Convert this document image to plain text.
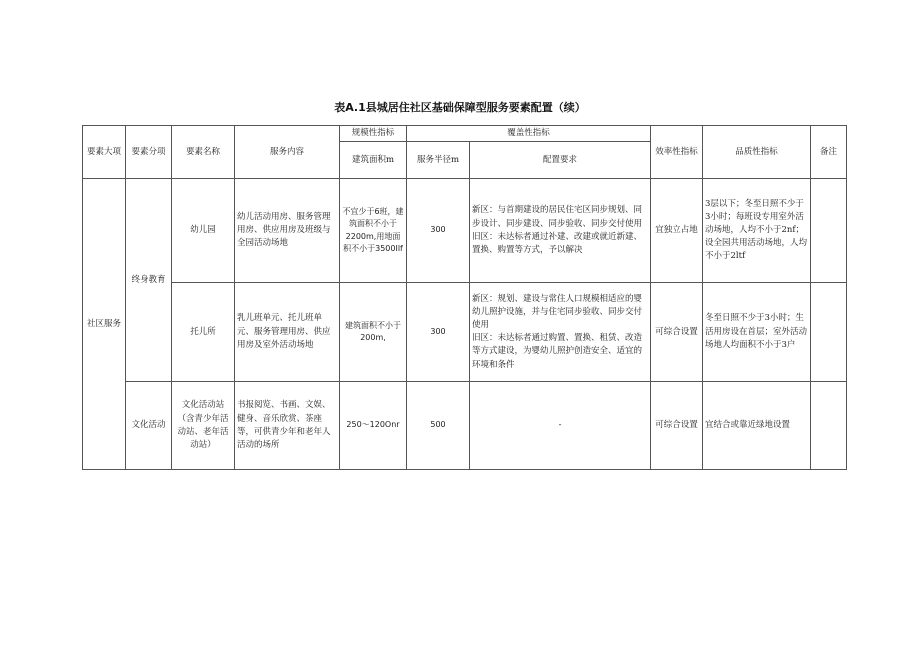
表A.1县城居住社区基础保障型服务要素配置（续）
要素大项	要素分项	要素名称	服务内容	规模性指标	覆盖性指标		效率性指标	品质性指标	备注
				建筑面积m	服务半径m	配置要求			
社区服务	终身教育	幼儿园	幼儿活动用房、服务管理用房、供应用房及班级与全园活动场地	不宜少于6班，建筑面积不小于2200m,用地面积不小于3500Ilf	300	新区：与首期建设的居民住宅区同步规划、同步设计、同步建设、同步验收、同步交付使用
旧区：未达标者通过补建、改建或就近新建、置换、购置等方式，予以解决	宜独立占地	3层以下；冬至日照不少于3小时；每班设专用室外活动场地，人均不小于2nf；设全园共用活动场地，人均不小于2ltf	
		托儿所	乳儿班单元、托儿班单元、服务管理用房、供应用房及室外活动场地	建筑面积不小于200m,	300	新区：规划、建设与常住人口规模相适应的婴幼儿照护设施，并与住宅同步验收、同步交付使用
旧区：未达标者通过购置、置换、租赁、改造等方式建设，为婴幼儿照护创造安全、适宜的环境和条件	可综合设置	冬至日照不少于3小时；生活用房设在首层；室外活动场地人均面积不小于3户	
	文化活动	文化活动站（含青少年活动站、老年活动站）	书报阅览、书画、文娱、健身、音乐欣赏、茶座等，可供青少年和老年人活动的场所	250～120Onr	500	-	可综合设置	宜结合或靠近绿地设置	
